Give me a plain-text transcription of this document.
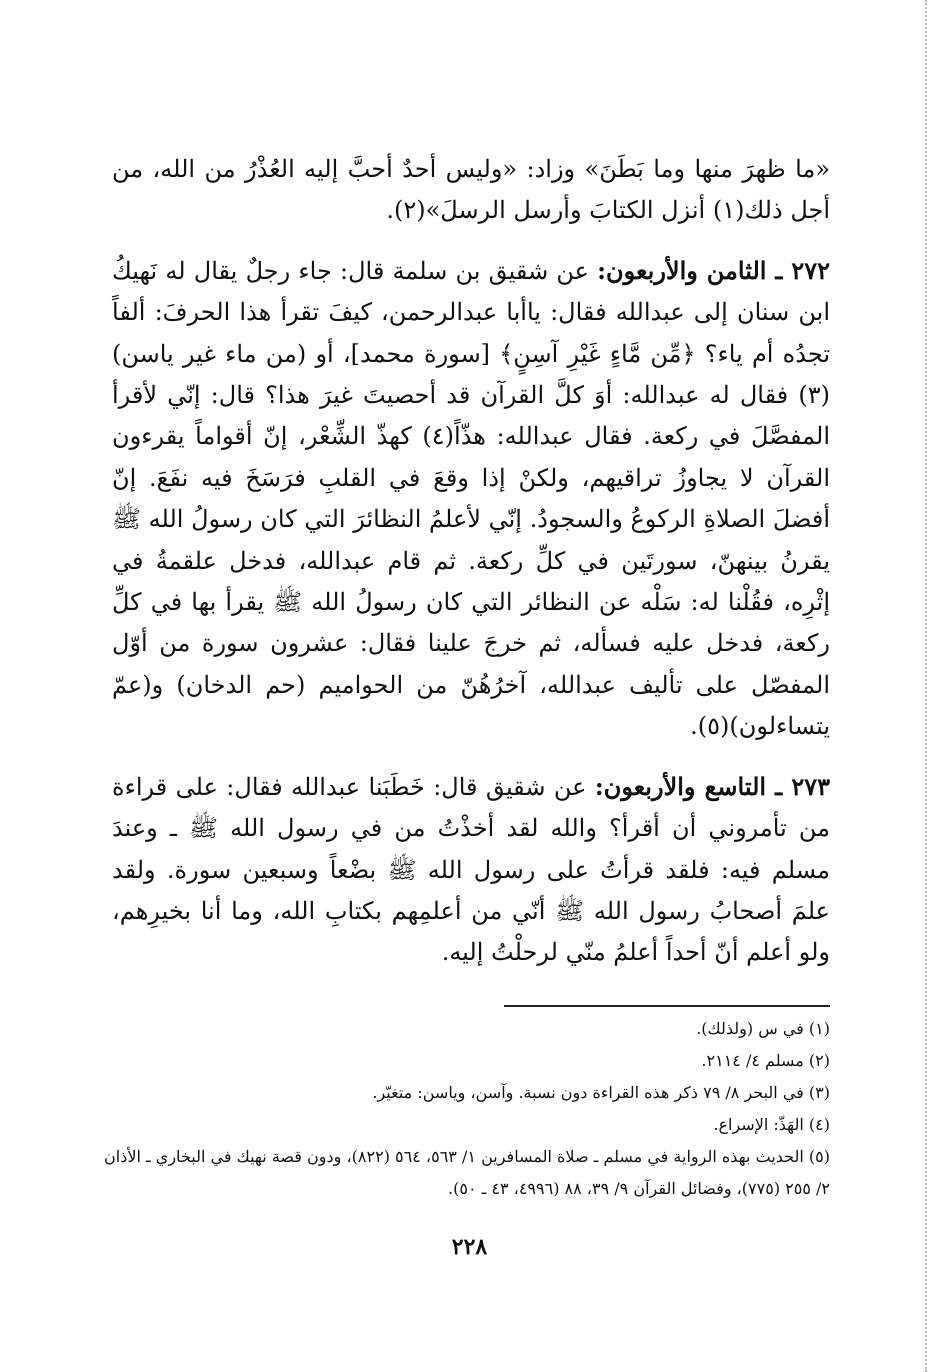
«ما ظهرَ منها وما بَطَنَ» وزاد: «وليس أحدٌ أحبَّ إليه العُذْرُ من الله، من أجل ذلك(١) أنزل الكتابَ وأرسل الرسلَ»(٢).

٢٧٢ ـ الثامن والأربعون: عن شقيق بن سلمة قال: جاء رجلٌ يقال له نَهيكُ ابن سنان إلى عبدالله فقال: ياأبا عبدالرحمن، كيفَ تقرأ هذا الحرفَ: ألفاً تجدُه أم ياء؟ ﴿مِّن مَّاءٍ غَيْرِ آسِنٍ﴾ [سورة محمد]، أو (من ماء غير ياسن)(٣) فقال له عبدالله: أوَ كلَّ القرآن قد أحصيتَ غيرَ هذا؟ قال: إنّي لأقرأ المفصَّلَ في ركعة. فقال عبدالله: هذّاً(٤) كهذّ الشِّعْر، إنّ أقواماً يقرءون القرآن لا يجاوزُ تراقيهم، ولكنْ إذا وقعَ في القلبِ فرَسَخَ فيه نفَعَ. إنّ أفضلَ الصلاةِ الركوعُ والسجودُ. إنّي لأعلمُ النظائرَ التي كان رسولُ الله ﷺ يقرنُ بينهنّ، سورتَين في كلِّ ركعة. ثم قام عبدالله، فدخل علقمةُ في إثْرِه، فقُلْنا له: سَلْه عن النظائر التي كان رسولُ الله ﷺ يقرأ بها في كلِّ ركعة، فدخل عليه فسأله، ثم خرجَ علينا فقال: عشرون سورة من أوّل المفصّل على تأليف عبدالله، آخرُهُنّ من الحواميم (حم الدخان) و(عمّ يتساءلون)(٥).

٢٧٣ ـ التاسع والأربعون: عن شقيق قال: خَطَبَنا عبدالله فقال: على قراءة من تأمروني أن أقرأ؟ والله لقد أخذْتُ من في رسول الله ﷺ ـ وعندَ مسلم فيه: فلقد قرأتُ على رسول الله ﷺ بضْعاً وسبعين سورة. ولقد علمَ أصحابُ رسول الله ﷺ أنّي من أعلمِهم بكتابِ الله، وما أنا بخيرِهم، ولو أعلم أنّ أحداً أعلمُ منّي لرحلْتُ إليه.

(١) في س (ولذلك).

(٢) مسلم ٤/ ٢١١٤.

(٣) في البحر ٨/ ٧٩ ذكر هذه القراءة دون نسبة. وآسن، وياسن: متغيّر.

(٤) الهَذّ: الإسراع.

(٥) الحديث بهذه الرواية في مسلم ـ صلاة المسافرين ١/ ٥٦٣، ٥٦٤ (٨٢٢)، ودون قصة نهيك في البخاري ـ الأذان ٢/ ٢٥٥ (٧٧٥)، وفضائل القرآن ٩/ ٣٩، ٨٨ (٤٩٩٦، ٤٣ ـ ٥٠).

٢٢٨
